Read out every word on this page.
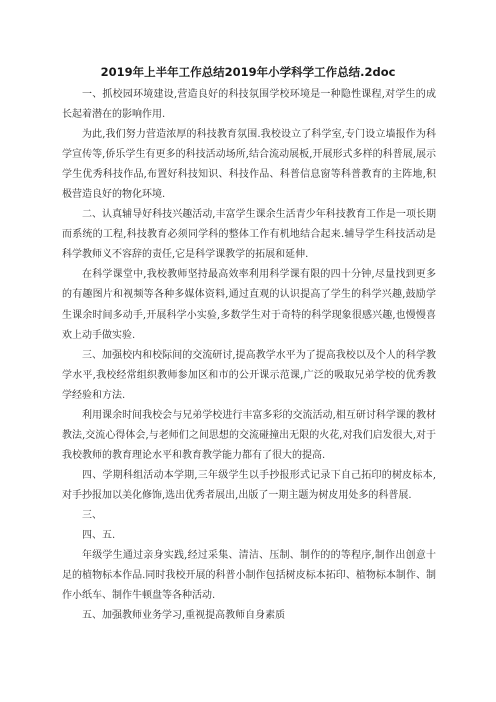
2019年上半年工作总结2019年小学科学工作总结.2doc

一、抓校园环境建设,营造良好的科技氛围学校环境是一种隐性课程,对学生的成长起着潜在的影响作用.

为此,我们努力营造浓厚的科技教育氛围.我校设立了科学室,专门设立墙报作为科学宣传等,侨乐学生有更多的科技活动场所,结合流动展板,开展形式多样的科普展,展示学生优秀科技作品,布置好科技知识、科技作品、科普信息窗等科普教育的主阵地,积极营造良好的物化环境.

二、认真辅导好科技兴趣活动,丰富学生课余生活青少年科技教育工作是一项长期而系统的工程,科技教育必须同学科的整体工作有机地结合起来.辅导学生科技活动是科学教师义不容辞的责任,它是科学课教学的拓展和延伸.

在科学课堂中,我校教师坚持最高效率利用科学课有限的四十分钟,尽量找到更多的有趣图片和视频等各种多媒体资料,通过直观的认识提高了学生的科学兴趣,鼓励学生课余时间多动手,开展科学小实验,多数学生对于奇特的科学现象很感兴趣,也慢慢喜欢上动手做实验.

三、加强校内和校际间的交流研讨,提高教学水平为了提高我校以及个人的科学教学水平,我校经常组织教师参加区和市的公开课示范课,广泛的吸取兄弟学校的优秀教学经验和方法.

利用课余时间我校会与兄弟学校进行丰富多彩的交流活动,相互研讨科学课的教材教法,交流心得体会,与老师们之间思想的交流碰撞出无限的火花,对我们启发很大,对于我校教师的教育理论水平和教育教学能力都有了很大的提高.

四、学期科组活动本学期,三年级学生以手抄报形式记录下自己拓印的树皮标本,对手抄报加以美化修饰,选出优秀者展出,出版了一期主题为树皮用处多的科普展.

三、

四、五.

年级学生通过亲身实践,经过采集、清洁、压制、制作的的等程序,制作出创意十足的植物标本作品.同时我校开展的科普小制作包括树皮标本拓印、植物标本制作、制作小纸车、制作牛顿盘等各种活动.

五、加强教师业务学习,重视提高教师自身素质
